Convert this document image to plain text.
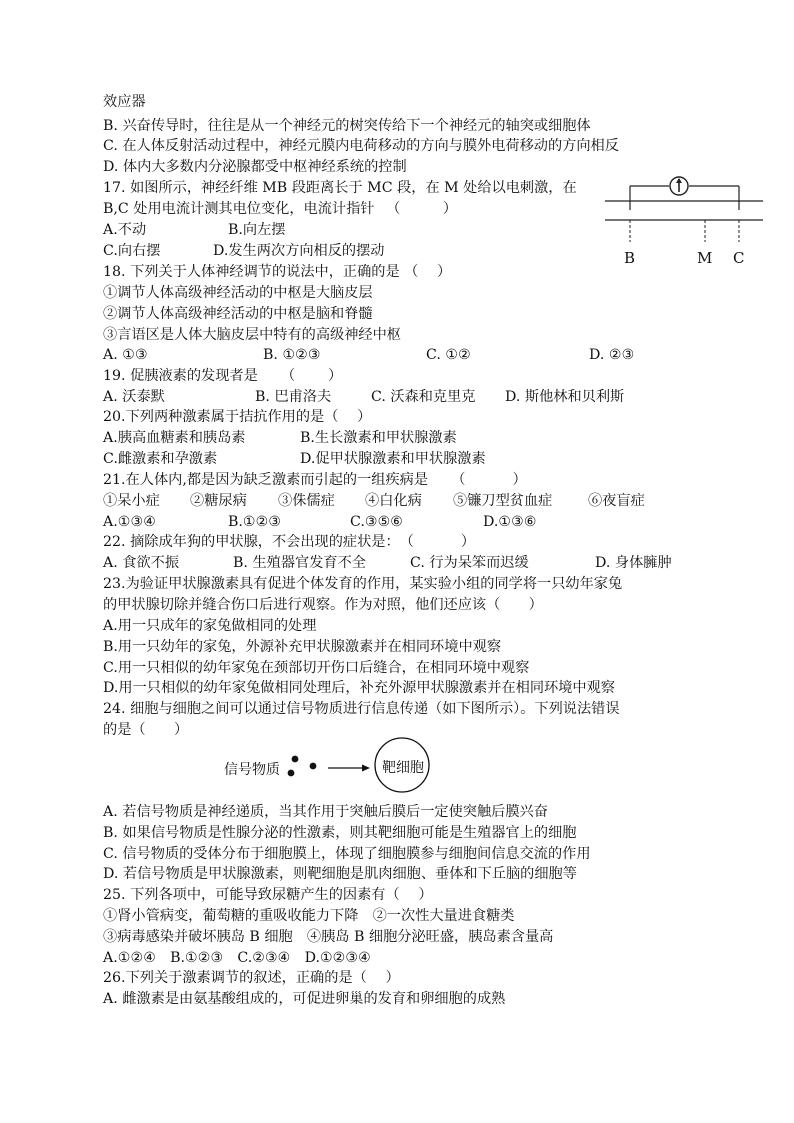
效应器
B. 兴奋传导时，往往是从一个神经元的树突传给下一个神经元的轴突或细胞体
C. 在人体反射活动过程中，神经元膜内电荷移动的方向与膜外电荷移动的方向相反
D. 体内大多数内分泌腺都受中枢神经系统的控制
17. 如图所示，神经纤维 MB 段距离长于 MC 段，在 M 处给以电刺激，在
B,C 处用电流计测其电位变化，电流计指针 　（　　　）
A.不动	B.向左摆
C.向右摆	D.发生两次方向相反的摆动	B	M C
18. 下列关于人体神经调节的说法中，正确的是 （　 ）
①调节人体高级神经活动的中枢是大脑皮层
②调节人体高级神经活动的中枢是脑和脊髓
③言语区是人体大脑皮层中特有的高级神经中枢
A. ①③	B. ①②③	C. ①②	D. ②③
19. 促胰液素的发现者是 　 （　　 ）
A. 沃泰默	B. 巴甫洛夫	C. 沃森和克里克 D. 斯他林和贝利斯
20.下列两种激素属于拮抗作用的是（　 ）
A.胰高血糖素和胰岛素	B.生长激素和甲状腺激素
C.雌激素和孕激素	D.促甲状腺激素和甲状腺激素
21.在人体内,都是因为缺乏激素而引起的一组疾病是 　 （　　　 ）
①呆小症 ②糖尿病 ③侏儒症 ④白化病 ⑤镰刀型贫血症	⑥夜盲症
A.①③④	B.①②③	C.③⑤⑥	D.①③⑥
22. 摘除成年狗的甲状腺，不会出现的症状是：　（　　　 ）
A. 食欲不振	B. 生殖器官发育不全	C. 行为呆笨而迟缓	D. 身体臃肿
23.为验证甲状腺激素具有促进个体发育的作用，某实验小组的同学将一只幼年家兔
的甲状腺切除并缝合伤口后进行观察。作为对照，他们还应该（　　）
A.用一只成年的家兔做相同的处理
B.用一只幼年的家兔，外源补充甲状腺激素并在相同环境中观察
C.用一只相似的幼年家兔在颈部切开伤口后缝合，在相同环境中观察
D.用一只相似的幼年家兔做相同处理后，补充外源甲状腺激素并在相同环境中观察
24. 细胞与细胞之间可以通过信号物质进行信息传递（如下图所示）。下列说法错误
的是（　　）
信号物质	靶细胞
A. 若信号物质是神经递质，当其作用于突触后膜后一定使突触后膜兴奋
B. 如果信号物质是性腺分泌的性激素，则其靶细胞可能是生殖器官上的细胞
C. 信号物质的受体分布于细胞膜上，体现了细胞膜参与细胞间信息交流的作用
D. 若信号物质是甲状腺激素，则靶细胞是肌肉细胞、垂体和下丘脑的细胞等
25. 下列各项中，可能导致尿糖产生的因素有（　 ）
①肾小管病变，葡萄糖的重吸收能力下降　②一次性大量进食糖类
③病毒感染并破坏胰岛 B 细胞　④胰岛 B 细胞分泌旺盛，胰岛素含量高
A.①②④　B.①②③　C.②③④　D.①②③④
26.下列关于激素调节的叙述，正确的是（　 ）
A. 雌激素是由氨基酸组成的，可促进卵巢的发育和卵细胞的成熟
